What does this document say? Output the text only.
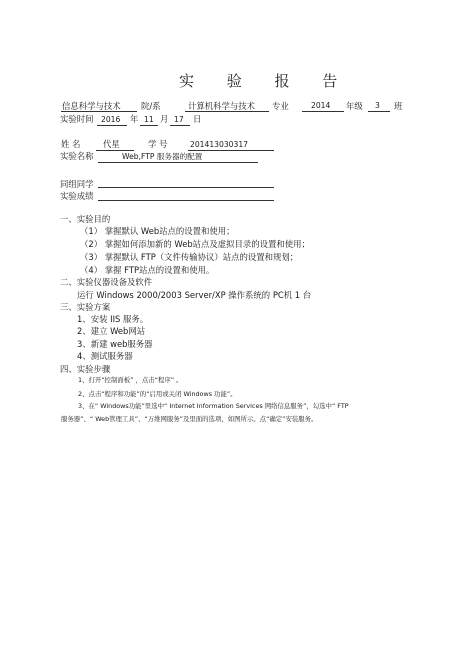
实 验 报 告
信息科学与技术 院/系	计算机科学与技术 专业	2014 年级 3 班
实验时间 2016 年 11 月 17 日
姓 名	代星	学 号	201413030317
实验名称	Web,FTP 服务器的配置
同组同学
实验成绩
一、实验目的
（1） 掌握默认 Web站点的设置和使用；
（2） 掌握如何添加新的 Web站点及虚拟目录的设置和使用；
（3） 掌握默认 FTP（文件传输协议）站点的设置和规划；
（4） 掌握 FTP站点的设置和使用。
二、实验仪器设备及软件
运行 Windows 2000/2003 Server/XP 操作系统的 PC机 1 台
三、实验方案
1、安装 IIS 服务。
2、建立 Web网站
3、新建 web服务器
4、测试服务器
四、实验步骤
1、打开“控制面板” ，点击“程序” 。
2、点击“程序和功能”的“启用或关闭 Windows 功能”。
3、在“ Windows功能”里选中“ Internet Information Services 网络信息服务”，勾选中“ FTP
服务器”、“ Web管理工具”、“万维网服务”及里面的选项，如图所示。点“确定”安装服务。
